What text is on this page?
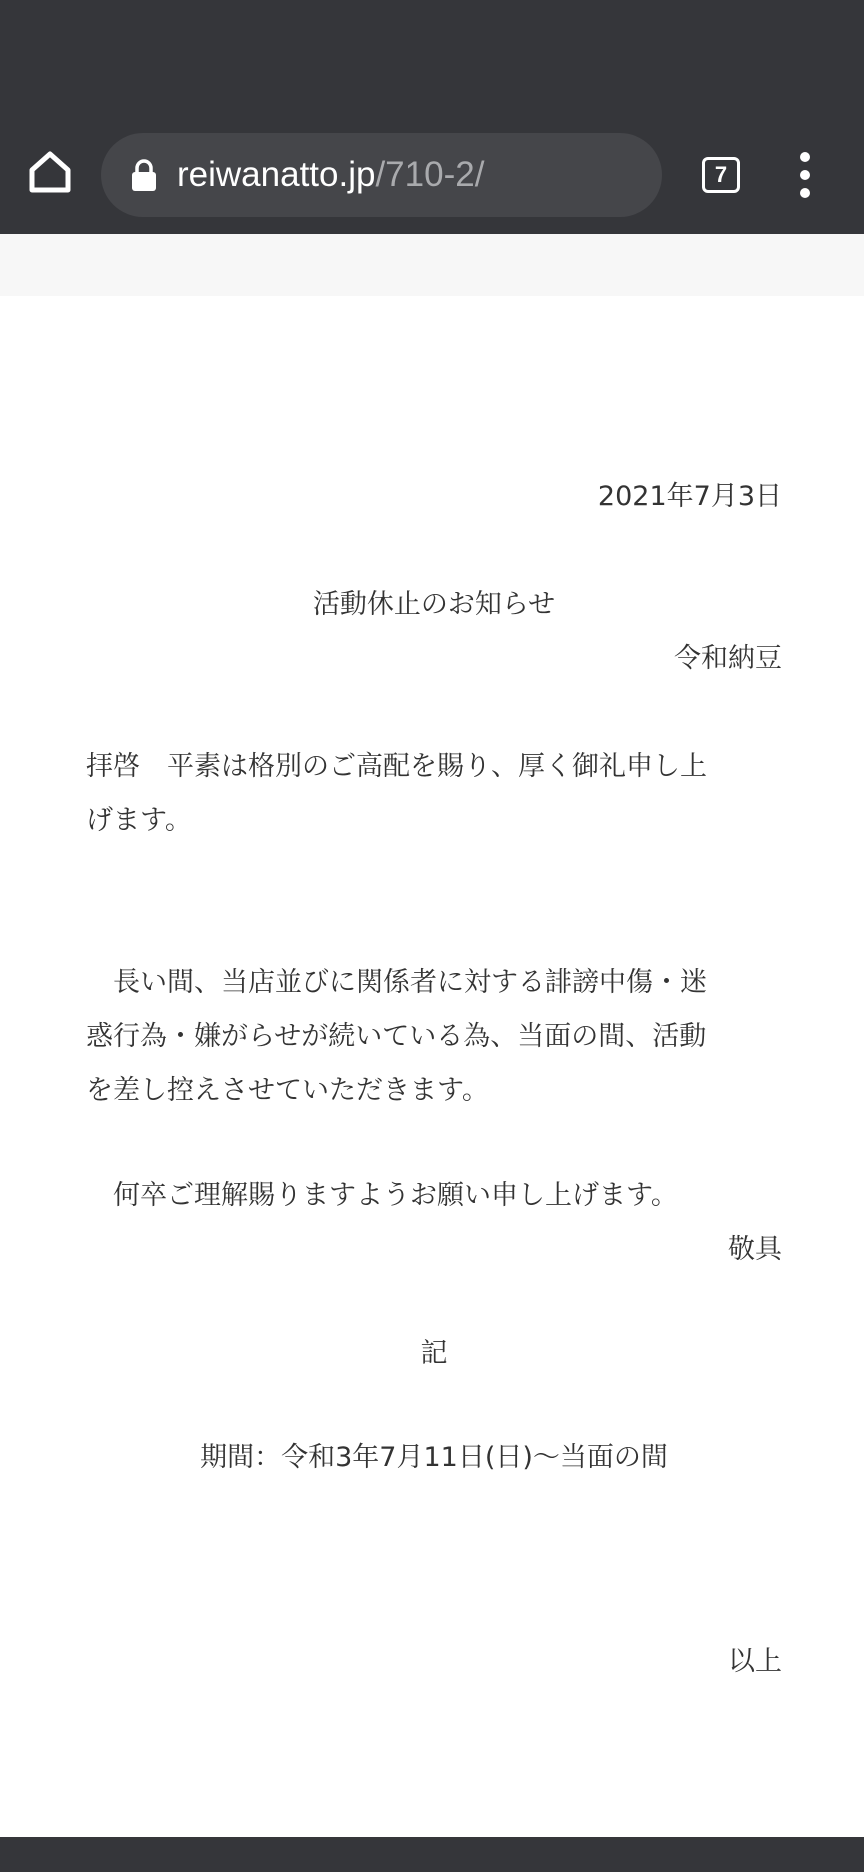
reiwanatto.jp/710-2/	7
2021年7月3日
活動休止のお知らせ
令和納豆
拝啓　平素は格別のご高配を賜り、厚く御礼申し上
げます。
長い間、当店並びに関係者に対する誹謗中傷・迷
惑行為・嫌がらせが続いている為、当面の間、活動
を差し控えさせていただきます。
何卒ご理解賜りますようお願い申し上げます。
敬具
記
期間：令和3年7月11日(日)～当面の間
以上
